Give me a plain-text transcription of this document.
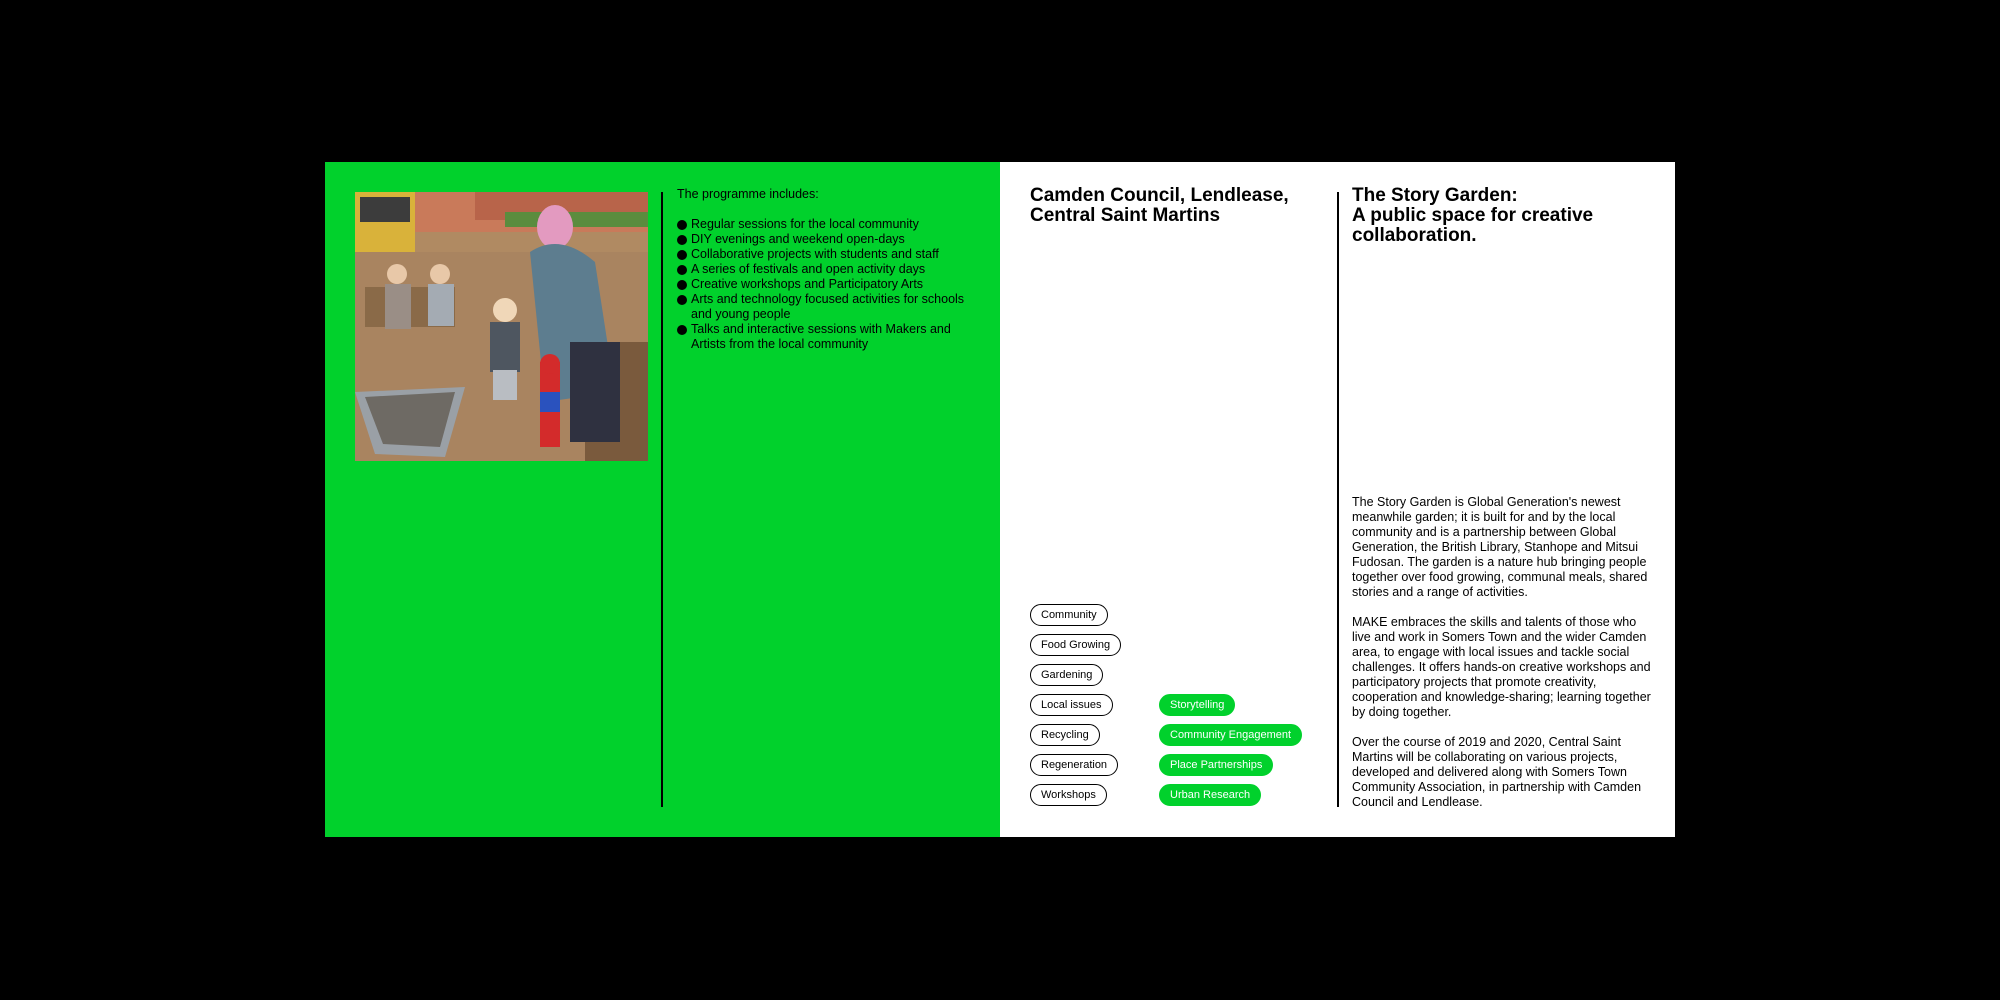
The programme includes:

Regular sessions for the local community
DIY evenings and weekend open-days
Collaborative projects with students and staff
A series of festivals and open activity days
Creative workshops and Participatory Arts
Arts and technology focused activities for schools and young people
Talks and interactive sessions with Makers and Artists from the local community
Camden Council, Lendlease,
Central Saint Martins
The Story Garden:
A public space for creative
collaboration.

The Story Garden is Global Generation's newest meanwhile garden; it is built for and by the local community and is a partnership between Global Generation, the British Library, Stanhope and Mitsui Fudosan. The garden is a nature hub bringing people together over food growing, communal meals, shared stories and a range of activities.

MAKE embraces the skills and talents of those who live and work in Somers Town and the wider Camden area, to engage with local issues and tackle social challenges. It offers hands-on creative workshops and participatory projects that promote creativity, cooperation and knowledge-sharing; learning together by doing together.

Over the course of 2019 and 2020, Central Saint Martins will be collaborating on various projects, developed and delivered along with Somers Town Community Association, in partnership with Camden Council and Lendlease.

Community
Food Growing
Gardening
Local issues
Recycling
Regeneration
Workshops
Storytelling
Community Engagement
Place Partnerships
Urban Research
